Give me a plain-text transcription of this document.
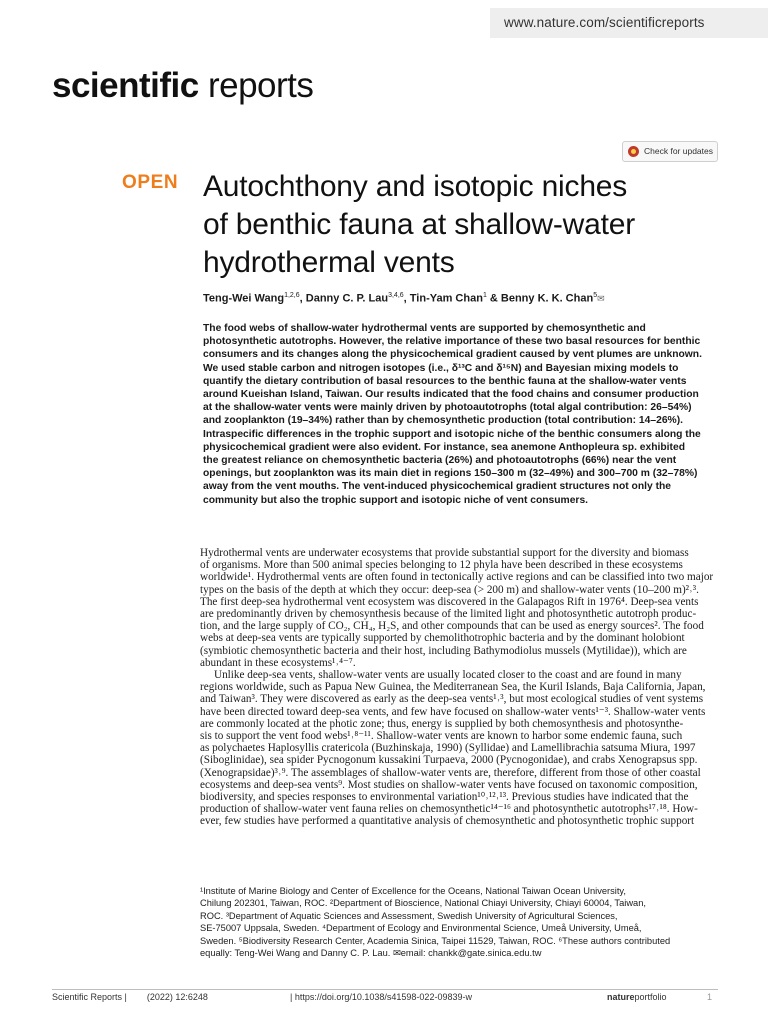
www.nature.com/scientificreports
scientific reports
Check for updates
OPEN Autochthony and isotopic niches
of benthic fauna at shallow-water
hydrothermal vents
Teng-Wei Wang$^{1,2,6}$, Danny C. P. Lau$^{3,4,6}$, Tin-Yam Chan$^1$ & Benny K. K. Chan$^5$✉
The food webs of shallow-water hydrothermal vents are supported by chemosynthetic and
photosynthetic autotrophs. However, the relative importance of these two basal resources for benthic
consumers and its changes along the physicochemical gradient caused by vent plumes are unknown.
We used stable carbon and nitrogen isotopes (i.e., δ¹³C and δ¹⁵N) and Bayesian mixing models to
quantify the dietary contribution of basal resources to the benthic fauna at the shallow-water vents
around Kueishan Island, Taiwan. Our results indicated that the food chains and consumer production
at the shallow-water vents were mainly driven by photoautotrophs (total algal contribution: 26–54%)
and zooplankton (19–34%) rather than by chemosynthetic production (total contribution: 14–26%).
Intraspecific differences in the trophic support and isotopic niche of the benthic consumers along the
physicochemical gradient were also evident. For instance, sea anemone Anthopleura sp. exhibited
the greatest reliance on chemosynthetic bacteria (26%) and photoautotrophs (66%) near the vent
openings, but zooplankton was its main diet in regions 150–300 m (32–49%) and 300–700 m (32–78%)
away from the vent mouths. The vent-induced physicochemical gradient structures not only the
community but also the trophic support and isotopic niche of vent consumers.
Hydrothermal vents are underwater ecosystems that provide substantial support for the diversity and biomass
of organisms. More than 500 animal species belonging to 12 phyla have been described in these ecosystems
worldwide¹. Hydrothermal vents are often found in tectonically active regions and can be classified into two major
types on the basis of the depth at which they occur: deep-sea (> 200 m) and shallow-water vents (10–200 m)²˒³.
The first deep-sea hydrothermal vent ecosystem was discovered in the Galapagos Rift in 1976⁴. Deep-sea vents
are predominantly driven by chemosynthesis because of the limited light and photosynthetic autotroph produc-
tion, and the large supply of CO₂, CH₄, H₂S, and other compounds that can be used as energy sources². The food
webs at deep-sea vents are typically supported by chemolithotrophic bacteria and by the dominant holobiont
(symbiotic chemosynthetic bacteria and their host, including Bathymodiolus mussels (Mytilidae)), which are
abundant in these ecosystems¹˒⁴⁻⁷.
Unlike deep-sea vents, shallow-water vents are usually located closer to the coast and are found in many
regions worldwide, such as Papua New Guinea, the Mediterranean Sea, the Kuril Islands, Baja California, Japan,
and Taiwan³. They were discovered as early as the deep-sea vents¹˒³, but most ecological studies of vent systems
have been directed toward deep-sea vents, and few have focused on shallow-water vents¹⁻³. Shallow-water vents
are commonly located at the photic zone; thus, energy is supplied by both chemosynthesis and photosynthe-
sis to support the vent food webs¹˒⁸⁻¹¹. Shallow-water vents are known to harbor some endemic fauna, such
as polychaetes Haplosyllis crateriсola (Buzhinskaja, 1990) (Syllidae) and Lamellibrachia satsuma Miura, 1997
(Siboglinidae), sea spider Pycnogonum kussakini Turpaeva, 2000 (Pycnogonidae), and crabs Xenograpsus spp.
(Xenograpsidae)³˒⁹. The assemblages of shallow-water vents are, therefore, different from those of other coastal
ecosystems and deep-sea vents⁹. Most studies on shallow-water vents have focused on taxonomic composition,
biodiversity, and species responses to environmental variation¹⁰˒¹²˒¹³. Previous studies have indicated that the
production of shallow-water vent fauna relies on chemosynthetic¹⁴⁻¹⁶ and photosynthetic autotrophs¹⁷˒¹⁸. How-
ever, few studies have performed a quantitative analysis of chemosynthetic and photosynthetic trophic support
¹Institute of Marine Biology and Center of Excellence for the Oceans, National Taiwan Ocean University,
Chilung 202301, Taiwan, ROC. ²Department of Bioscience, National Chiayi University, Chiayi 60004, Taiwan,
ROC. ³Department of Aquatic Sciences and Assessment, Swedish University of Agricultural Sciences,
SE-75007 Uppsala, Sweden. ⁴Department of Ecology and Environmental Science, Umeå University, Umeå,
Sweden. ⁵Biodiversity Research Center, Academia Sinica, Taipei 11529, Taiwan, ROC. ⁶These authors contributed
equally: Teng-Wei Wang and Danny C. P. Lau. ✉email: chankk@gate.sinica.edu.tw
Scientific Reports |        (2022) 12:6248	| https://doi.org/10.1038/s41598-022-09839-w	natureportfolio	1
